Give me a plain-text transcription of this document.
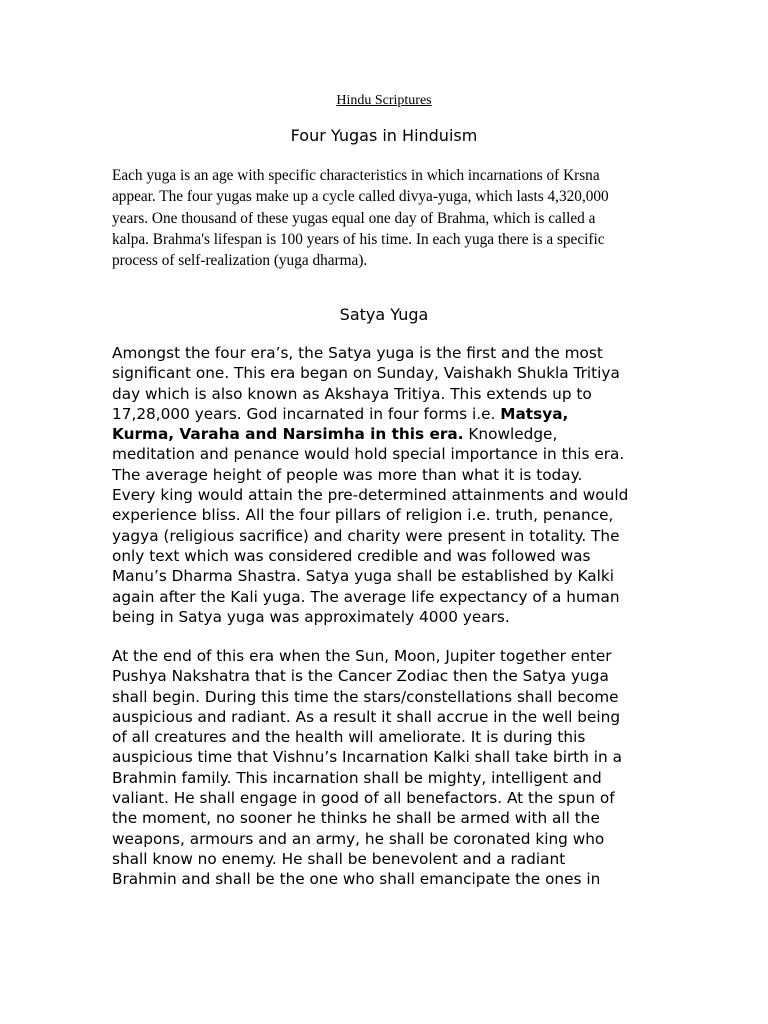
Hindu Scriptures
Four Yugas in Hinduism

Each yuga is an age with specific characteristics in which incarnations of Krsna
appear. The four yugas make up a cycle called divya-yuga, which lasts 4,320,000
years. One thousand of these yugas equal one day of Brahma, which is called a
kalpa. Brahma's lifespan is 100 years of his time. In each yuga there is a specific
process of self-realization (yuga dharma).

Satya Yuga

Amongst the four era’s, the Satya yuga is the first and the most
significant one. This era began on Sunday, Vaishakh Shukla Tritiya
day which is also known as Akshaya Tritiya. This extends up to
17,28,000 years. God incarnated in four forms i.e. Matsya,
Kurma, Varaha and Narsimha in this era. Knowledge,
meditation and penance would hold special importance in this era.
The average height of people was more than what it is today.
Every king would attain the pre-determined attainments and would
experience bliss. All the four pillars of religion i.e. truth, penance,
yagya (religious sacrifice) and charity were present in totality. The
only text which was considered credible and was followed was
Manu’s Dharma Shastra. Satya yuga shall be established by Kalki
again after the Kali yuga. The average life expectancy of a human
being in Satya yuga was approximately 4000 years.

At the end of this era when the Sun, Moon, Jupiter together enter
Pushya Nakshatra that is the Cancer Zodiac then the Satya yuga
shall begin. During this time the stars/constellations shall become
auspicious and radiant. As a result it shall accrue in the well being
of all creatures and the health will ameliorate. It is during this
auspicious time that Vishnu’s Incarnation Kalki shall take birth in a
Brahmin family. This incarnation shall be mighty, intelligent and
valiant. He shall engage in good of all benefactors. At the spun of
the moment, no sooner he thinks he shall be armed with all the
weapons, armours and an army, he shall be coronated king who
shall know no enemy. He shall be benevolent and a radiant
Brahmin and shall be the one who shall emancipate the ones in
